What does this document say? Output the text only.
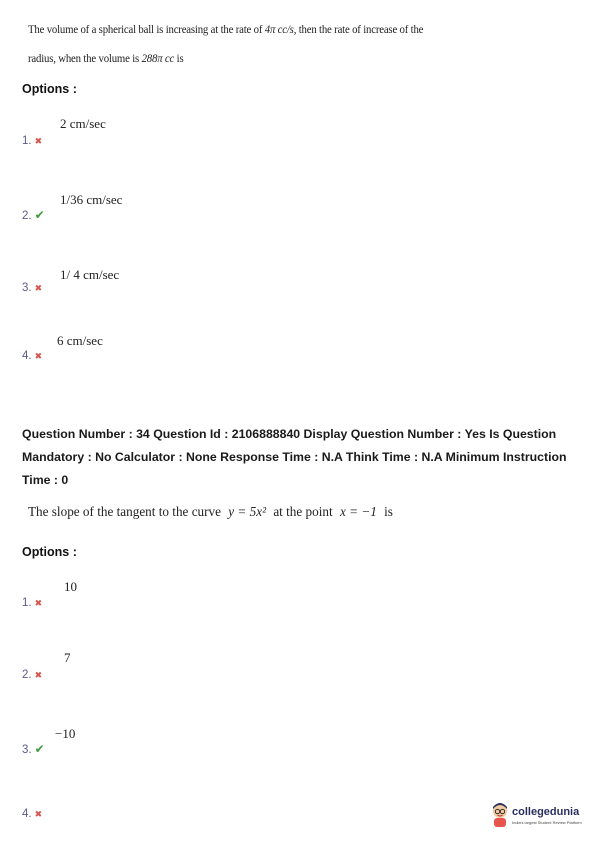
The volume of a spherical ball is increasing at the rate of 4π cc/s, then the rate of increase of the
radius, when the volume is 288π cc is
Options :
2 cm/sec
1. ✖
1/36 cm/sec
2. ✔
1/ 4 cm/sec
3. ✖
6 cm/sec
4. ✖
Question Number : 34 Question Id : 2106888840 Display Question Number : Yes Is Question
Mandatory : No Calculator : None Response Time : N.A Think Time : N.A Minimum Instruction
Time : 0
The slope of the tangent to the curve y = 5x² at the point x = −1 is
Options :
10
1. ✖
7
2. ✖
−10
3. ✔
4. ✖	collegedunia
India's largest Student Review Platform
